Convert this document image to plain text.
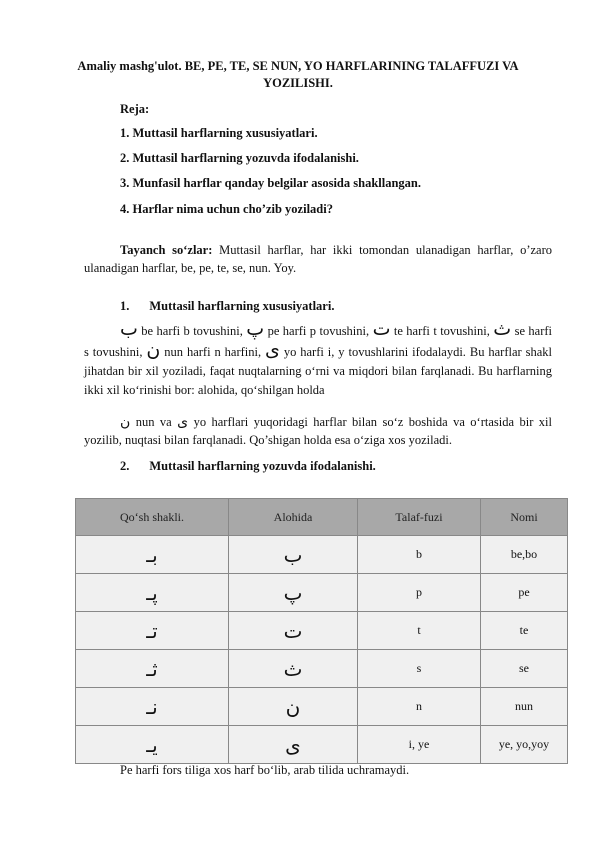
Amaliy mashg'ulot. BE, PE, TE, SE NUN, YO HARFLARINING TALAFFUZI VA YOZILISHI.
Reja:
1. Muttasil harflarning xususiyatlari.
2. Muttasil harflarning yozuvda ifodalanishi.
3. Munfasil harflar qanday belgilar asosida shakllangan.
4. Harflar nima uchun cho’zib yoziladi?
Tayanch so‘zlar: Muttasil harflar, har ikki tomondan ulanadigan harflar, o’zaro ulanadigan harflar, be, pe, te, se, nun. Yoy.
1. Muttasil harflarning xususiyatlari.
ب be harfi b tovushini, پ pe harfi p tovushini, ت te harfi t tovushini, ث se harfi s tovushini, ن nun harfi n harfini, ى yo harfi i, y tovushlarini ifodalaydi. Bu harflar shakl jihatdan bir xil yoziladi, faqat nuqtalarning o‘rni va miqdori bilan farqlanadi. Bu harflarning ikki xil ko‘rinishi bor: alohida, qo‘shilgan holda
ن nun va ى yo harflari yuqoridagi harflar bilan so‘z boshida va o‘rtasida bir xil yozilib, nuqtasi bilan farqlanadi. Qo’shigan holda esa o‘ziga xos yoziladi.
2. Muttasil harflarning yozuvda ifodalanishi.
Qo‘sh shakli.	Alohida	Talaf-fuzi	Nomi
بـ	ب	b	be,bo
پـ	پ	p	pe
تـ	ت	t	te
ثـ	ث	s	se
نـ	ن	n	nun
يـ	ى	i, ye	ye, yo,yoy
Pe harfi fors tiliga xos harf bo‘lib, arab tilida uchramaydi.
